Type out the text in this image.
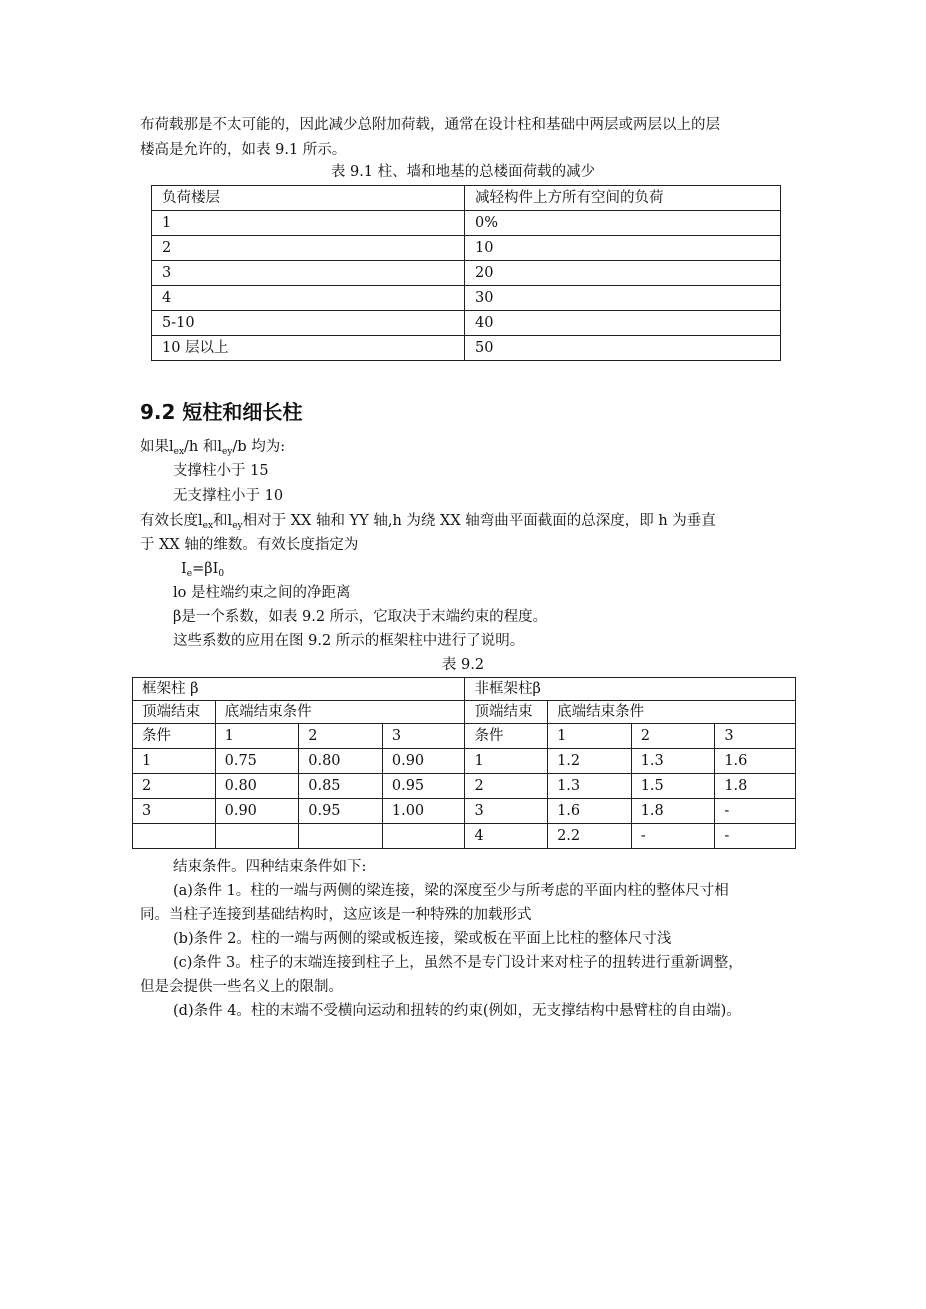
布荷载那是不太可能的，因此减少总附加荷载，通常在设计柱和基础中两层或两层以上的层
楼高是允许的，如表 9.1 所示。
表 9.1 柱、墙和地基的总楼面荷载的减少
负荷楼层	减轻构件上方所有空间的负荷
1	0%
2	10
3	20
4	30
5-10	40
10 层以上	50
9.2 短柱和细长柱
如果$l_{ex}/h$ 和$l_{ey}/b$ 均为:
支撑柱小于 15
无支撑柱小于 10
有效长度$l_{ex}$和$l_{ey}$相对于 XX 轴和 YY 轴,h 为绕 XX 轴弯曲平面截面的总深度，即 h 为垂直
于 XX 轴的维数。有效长度指定为
$I_e=\beta I_0$
lo 是柱端约束之间的净距离
β是一个系数，如表 9.2 所示，它取决于末端约束的程度。
这些系数的应用在图 9.2 所示的框架柱中进行了说明。
表 9.2
框架柱 β				非框架柱β			
顶端结束	底端结束条件			顶端结束	底端结束条件		
条件	1	2	3	条件	1	2	3
1	0.75	0.80	0.90	1	1.2	1.3	1.6
2	0.80	0.85	0.95	2	1.3	1.5	1.8
3	0.90	0.95	1.00	3	1.6	1.8	-
				4	2.2	-	-
结束条件。四种结束条件如下:
(a)条件 1。柱的一端与两侧的梁连接，梁的深度至少与所考虑的平面内柱的整体尺寸相
同。当柱子连接到基础结构时，这应该是一种特殊的加载形式
(b)条件 2。柱的一端与两侧的梁或板连接，梁或板在平面上比柱的整体尺寸浅
(c)条件 3。柱子的末端连接到柱子上，虽然不是专门设计来对柱子的扭转进行重新调整，
但是会提供一些名义上的限制。
(d)条件 4。柱的末端不受横向运动和扭转的约束(例如，无支撑结构中悬臂柱的自由端)。
